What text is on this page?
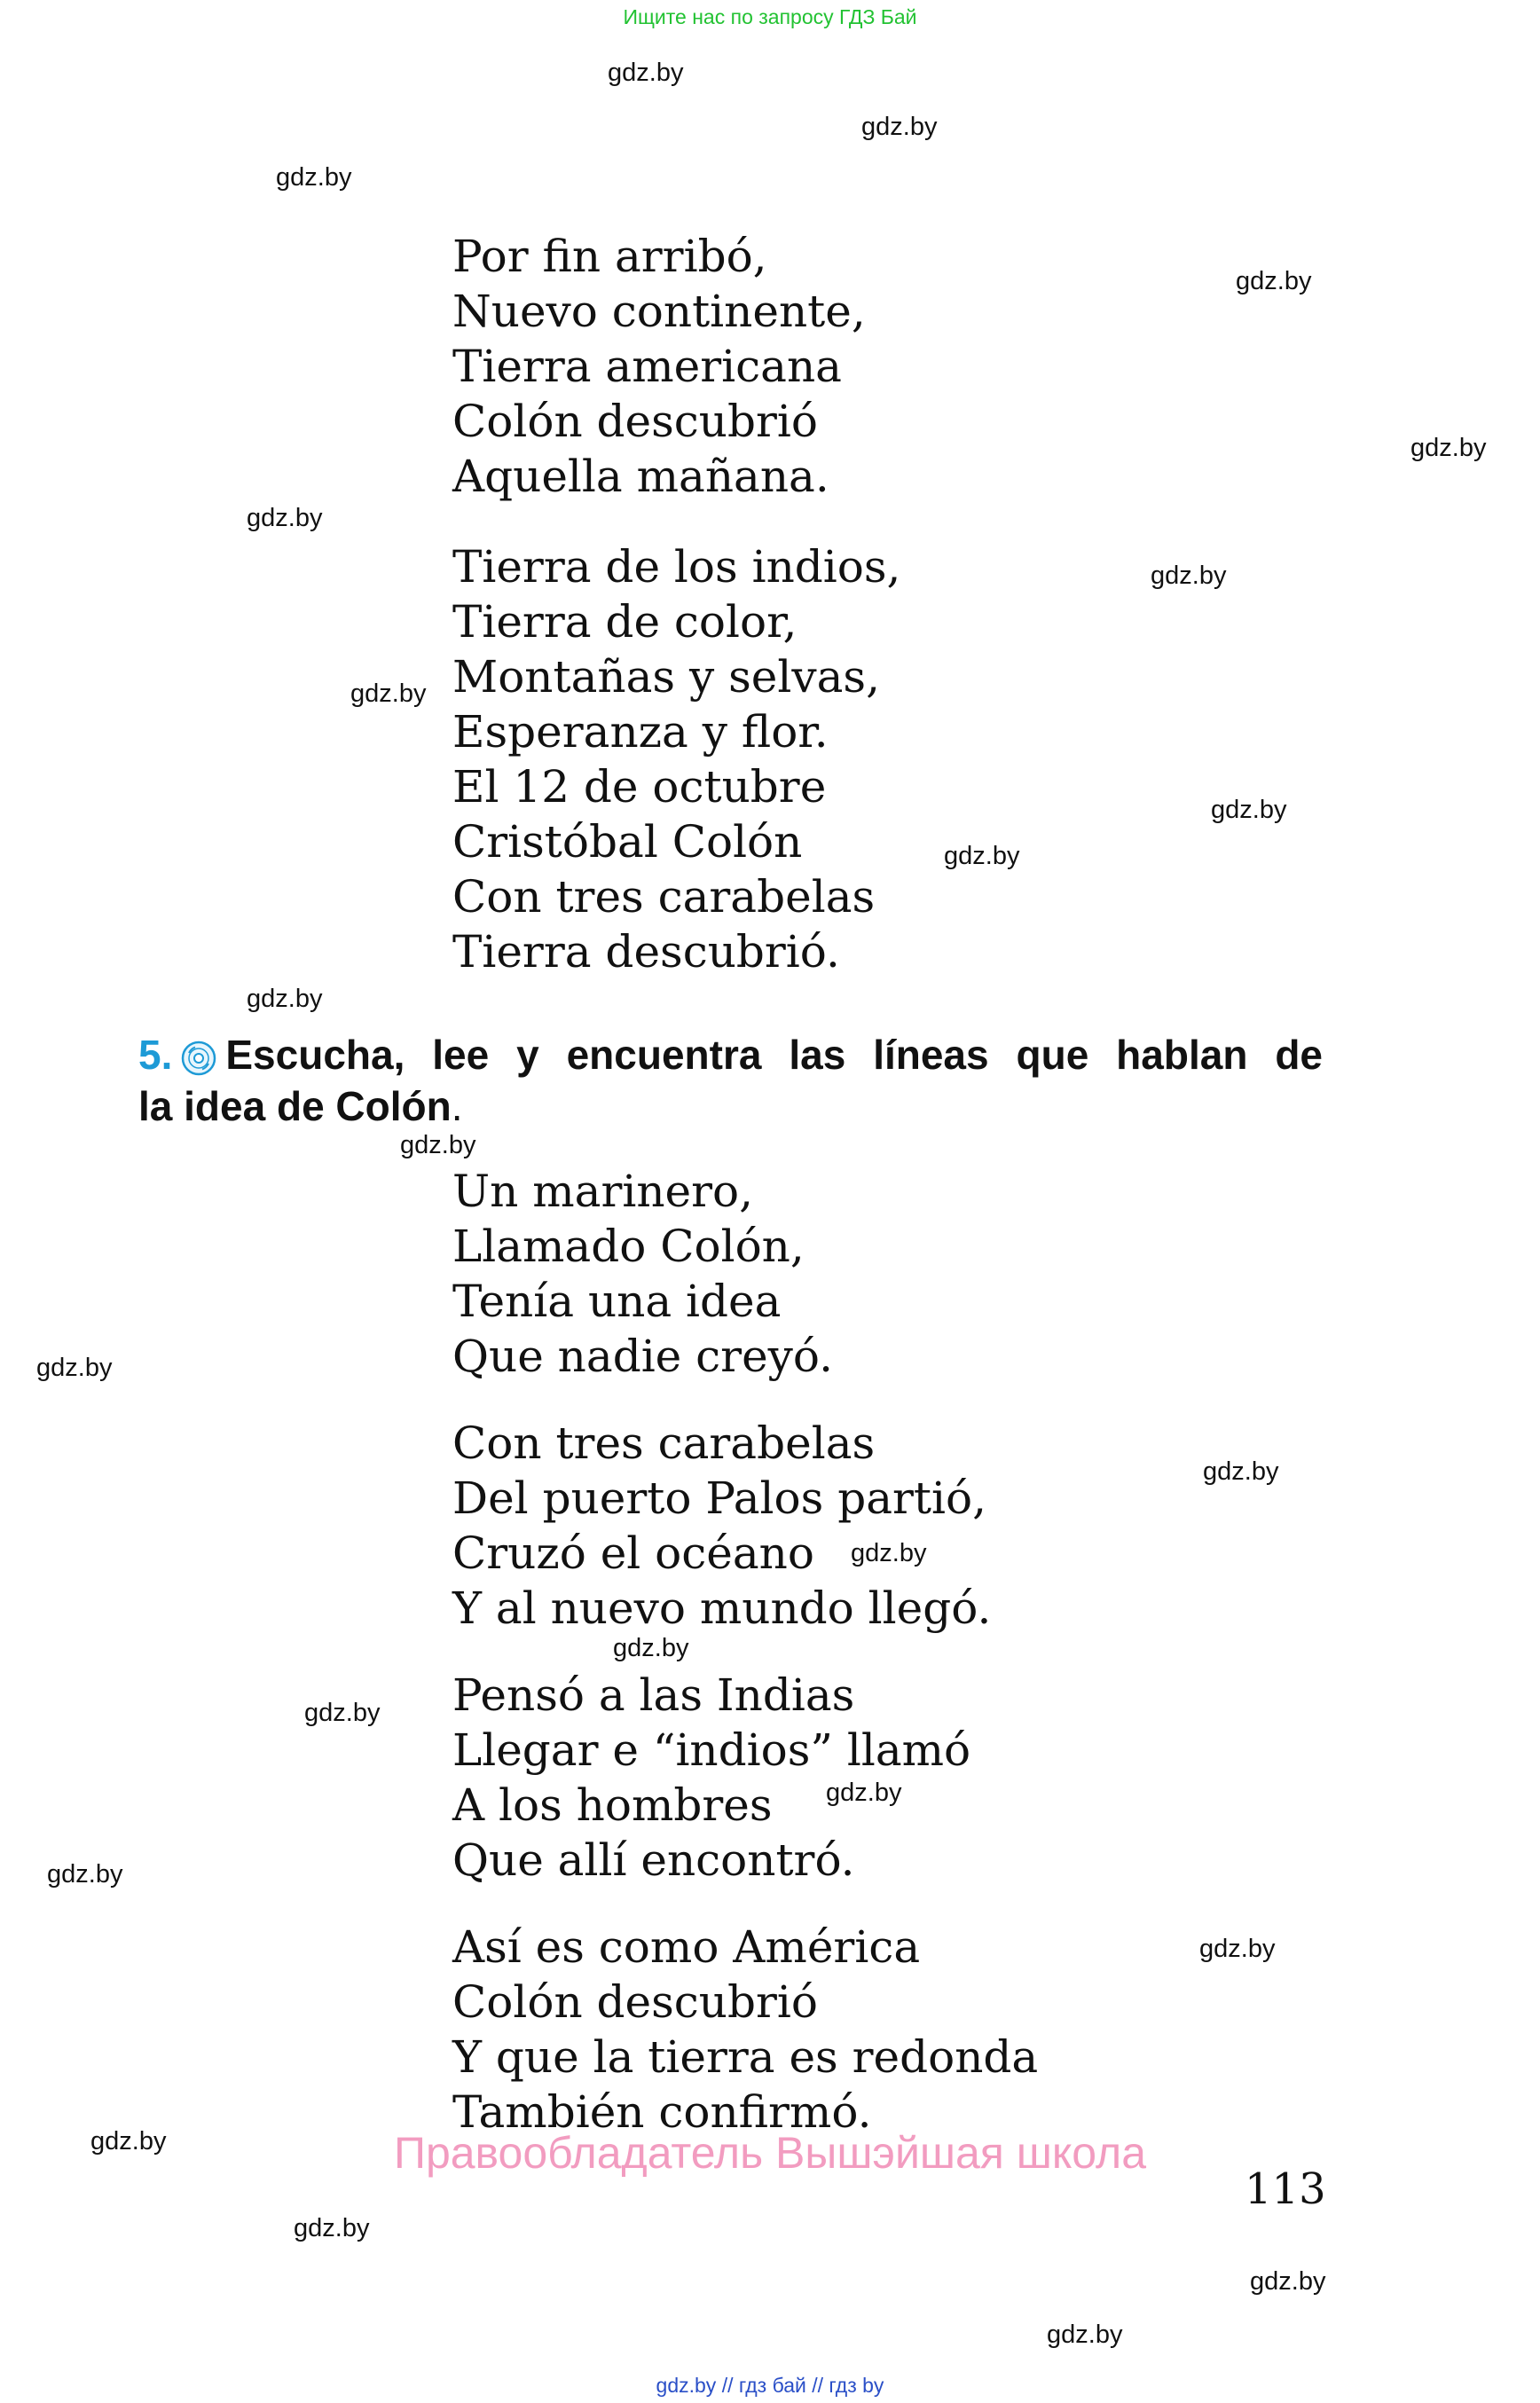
Ищите нас по запросу ГДЗ Бай
gdz.by
gdz.by
gdz.by
gdz.by
gdz.by
gdz.by
gdz.by
gdz.by
gdz.by
gdz.by
gdz.by
gdz.by
gdz.by
gdz.by
gdz.by
gdz.by
gdz.by
gdz.by
gdz.by
gdz.by
gdz.by
gdz.by
gdz.by
gdz.by
Por fin arribó,
Nuevo continente,
Tierra americana
Colón descubrió
Aquella mañana.
Tierra de los indios,
Tierra de color,
Montañas y selvas,
Esperanza y flor.
El 12 de octubre
Cristóbal Colón
Con tres carabelas
Tierra descubrió.
5. Escucha, lee y encuentra las líneas que hablan de
la idea de Colón.
Un marinero,
Llamado Colón,
Tenía una idea
Que nadie creyó.
Con tres carabelas
Del puerto Palos partió,
Cruzó el océano
Y al nuevo mundo llegó.
Pensó a las Indias
Llegar e “indios” llamó
A los hombres
Que allí encontró.
Así es como América
Colón descubrió
Y que la tierra es redonda
También confirmó.
Правообладатель Вышэйшая школа
113
gdz.by // гдз бай // гдз by
